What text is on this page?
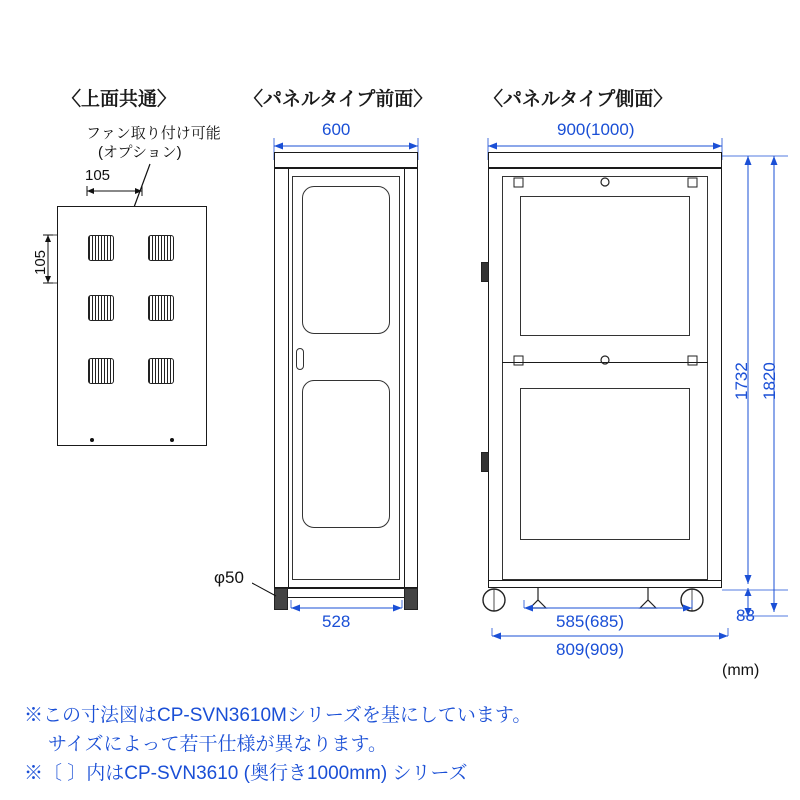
〈上面共通〉	〈パネルタイプ前面〉	〈パネルタイプ側面〉
ファン取り付け可能
(オプション)
105
105
600
φ50
528
900(1000)
1732 1820
88
585(685)
809(909)
(mm)
※この寸法図はCP-SVN3610Mシリーズを基にしています。
サイズによって若干仕様が異なります。
※〔 〕内はCP-SVN3610 (奥行き1000mm) シリーズ
